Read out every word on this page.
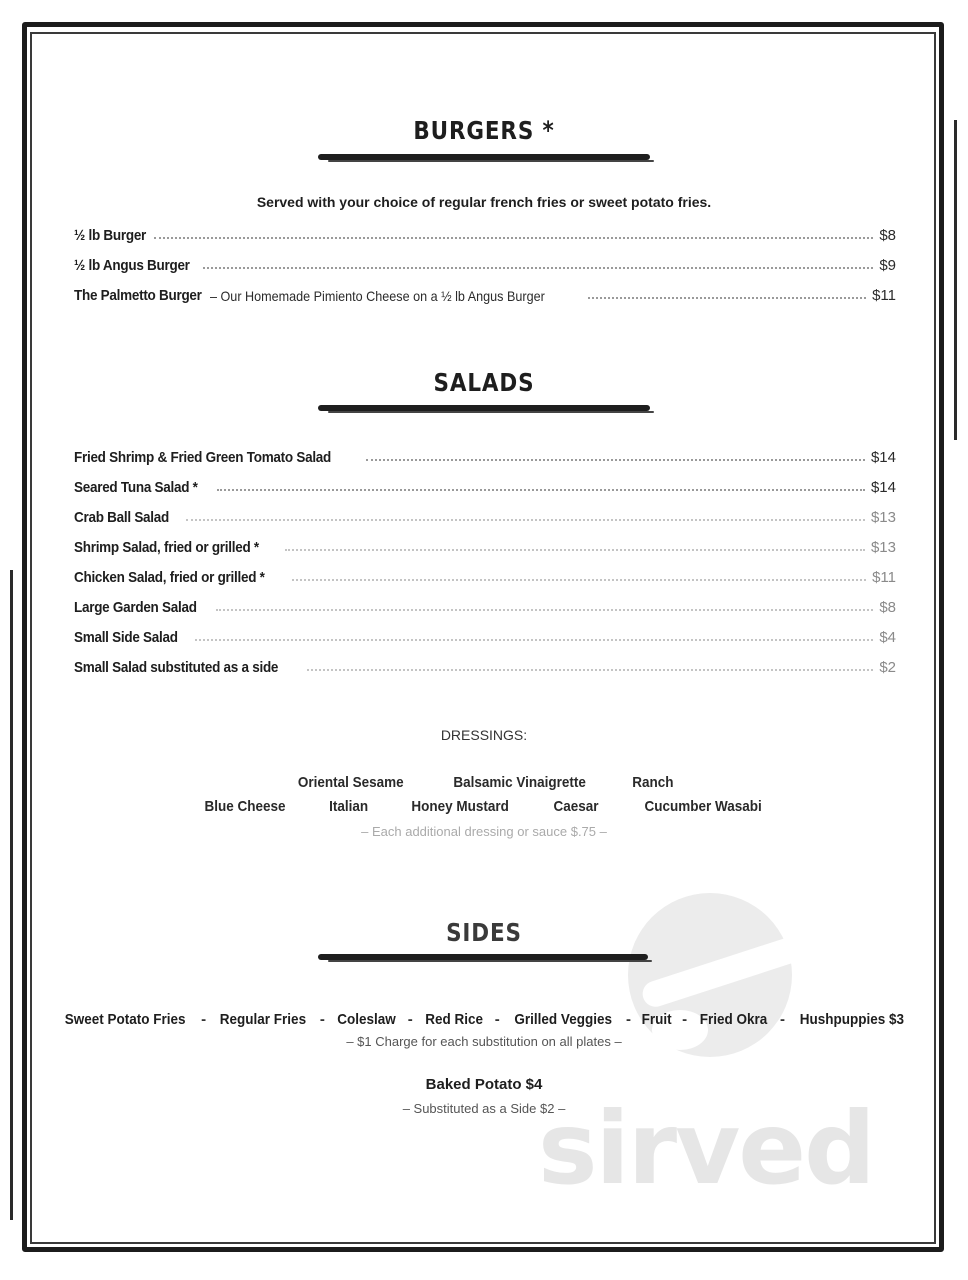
sirved
BURGERS *
Served with your choice of regular french fries or sweet potato fries.
½ lb Burger	$8
½ lb Angus Burger	$9
The Palmetto Burger – Our Homemade Pimiento Cheese on a ½ lb Angus Burger	$11
SALADS
Fried Shrimp & Fried Green Tomato Salad	$14
Seared Tuna Salad *	$14
Crab Ball Salad	$13
Shrimp Salad, fried or grilled *	$13
Chicken Salad, fried or grilled *	$11
Large Garden Salad	$8
Small Side Salad	$4
Small Salad substituted as a side	$2
DRESSINGS:
Oriental Sesame	Balsamic Vinaigrette	Ranch
Blue Cheese	Italian	Honey Mustard	Caesar	Cucumber Wasabi
– Each additional dressing or sauce $.75 –
SIDES
Sweet Potato Fries - Regular Fries - Coleslaw - Red Rice - Grilled Veggies - Fruit - Fried Okra - Hushpuppies $3
– $1 Charge for each substitution on all plates –
Baked Potato $4
– Substituted as a Side $2 –
